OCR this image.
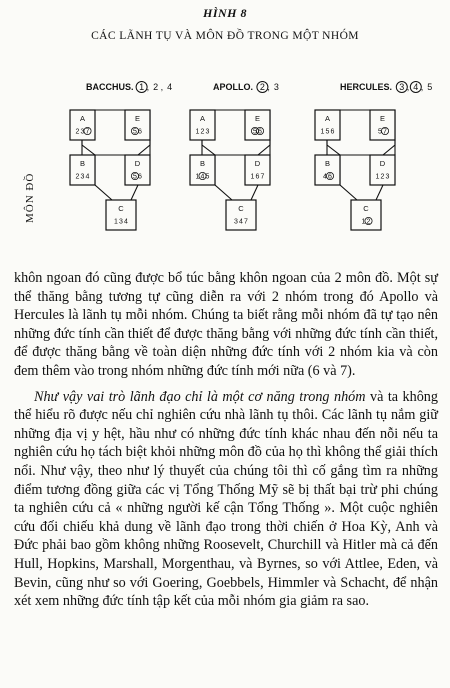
HÌNH 8
CÁC LÃNH TỤ VÀ MÔN ĐỒ TRONG MỘT NHÓM
MÔN ĐỒ
BACCHUS. 1 , 2 , 4
A
2 3 7
E
5 6
B
2 3 4
D
5 6
C
1 3 4
APOLLO. 2 , 3
A
1 2 3
E
5 6
B
1 4 5
D
1 6 7
C
3 4 7
HERCULES. 3 , 4 , 5
A
1 5 6
E
5 7
B
4 6
D
1 2 3
C
1 2

khôn ngoan đó cũng được bổ túc bằng khôn ngoan của 2 môn đồ. Một sự thể thăng bằng tương tự cũng diễn ra với 2 nhóm trong đó Apollo và Hercules là lãnh tụ mỗi nhóm. Chúng ta biết rằng mỗi nhóm đã tự tạo nên những đức tính cần thiết để được thăng bằng với những đức tính cần thiết, để được thăng bằng về toàn diện những đức tính với 2 nhóm kia và còn đem thêm vào trong nhóm những đức tính mới nữa (6 và 7).

Như vậy vai trò lãnh đạo chỉ là một cơ năng trong nhóm và ta không thể hiểu rõ được nếu chỉ nghiên cứu nhà lãnh tụ thôi. Các lãnh tụ nắm giữ những địa vị y hệt, hầu như có những đức tính khác nhau đến nỗi nếu ta nghiên cứu họ tách biệt khỏi những môn đồ của họ thì không thể giải thích nổi. Như vậy, theo như lý thuyết của chúng tôi thì cố gắng tìm ra những điểm tương đồng giữa các vị Tổng Thống Mỹ sẽ bị thất bại trừ phi chúng ta nghiên cứu cả « những người kế cận Tổng Thống ». Một cuộc nghiên cứu đối chiếu khả dung về lãnh đạo trong thời chiến ở Hoa Kỳ, Anh và Đức phải bao gồm không những Roosevelt, Churchill và Hitler mà cả đến Hull, Hopkins, Marshall, Morgenthau, và Byrnes, so với Attlee, Eden, và Bevin, cũng như so với Goering, Goebbels, Himmler và Schacht, để nhận xét xem những đức tính tập kết của mỗi nhóm gia giảm ra sao.
